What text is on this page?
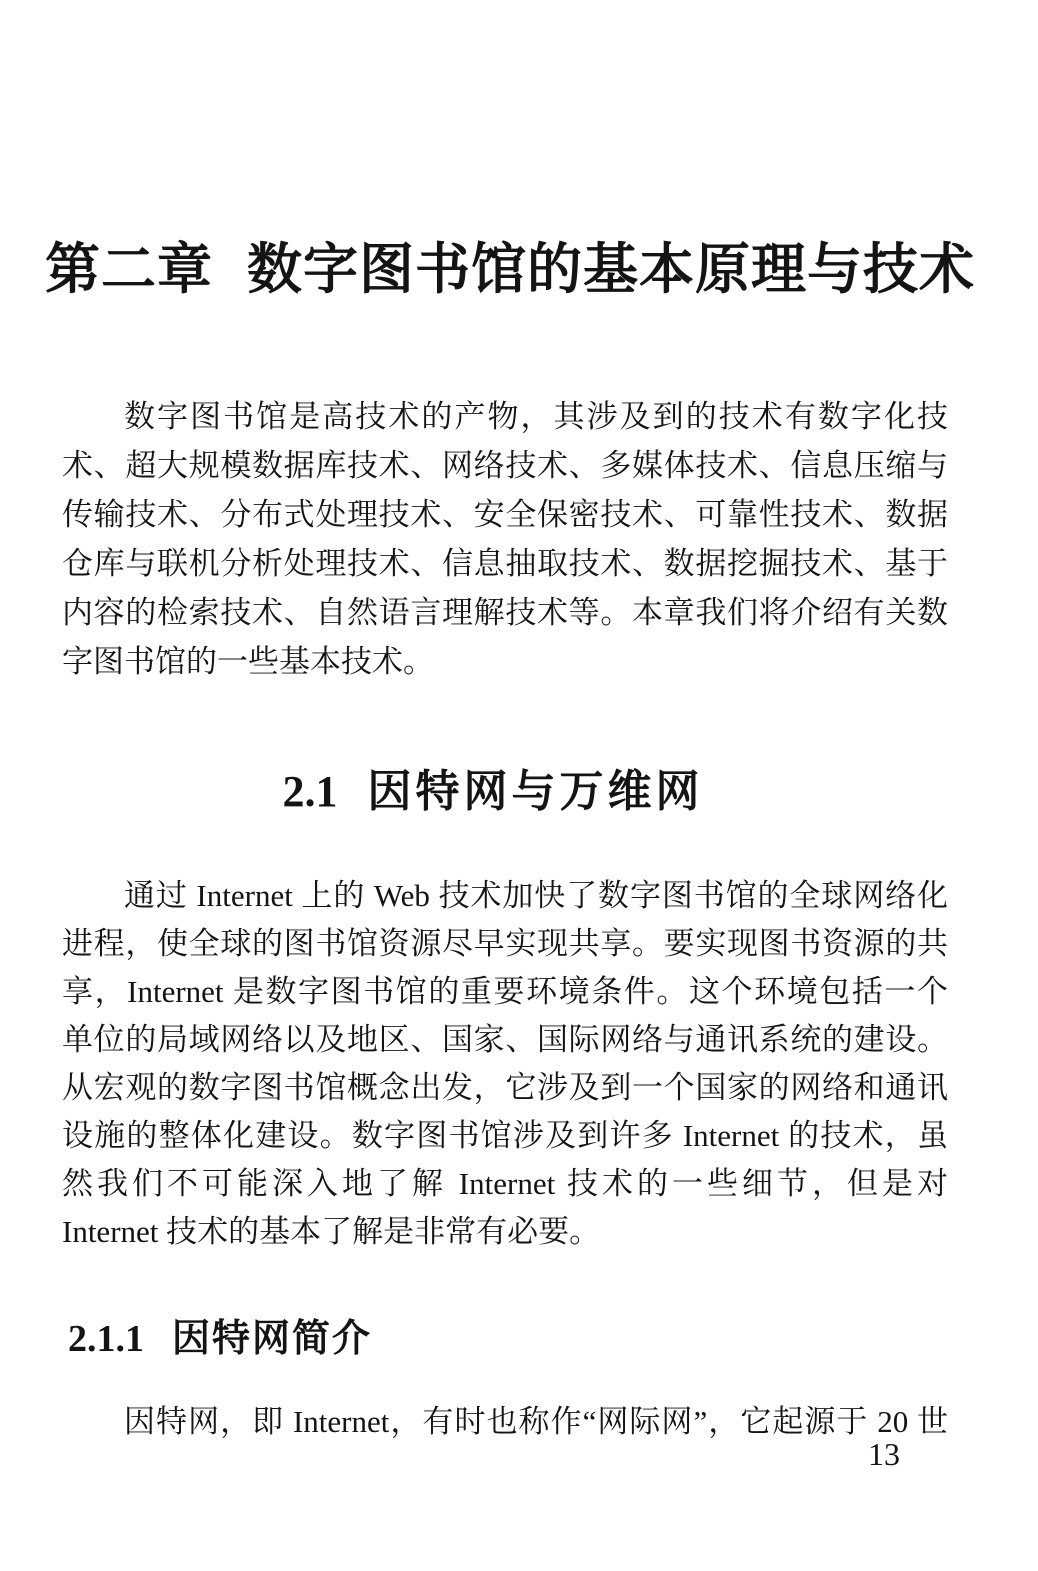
第二章 数字图书馆的基本原理与技术
数字图书馆是高技术的产物，其涉及到的技术有数字化技
术、超大规模数据库技术、网络技术、多媒体技术、信息压缩与
传输技术、分布式处理技术、安全保密技术、可靠性技术、数据
仓库与联机分析处理技术、信息抽取技术、数据挖掘技术、基于
内容的检索技术、自然语言理解技术等。本章我们将介绍有关数
字图书馆的一些基本技术。
2.1 因特网与万维网
通过 Internet 上的 Web 技术加快了数字图书馆的全球网络化
进程，使全球的图书馆资源尽早实现共享。要实现图书资源的共
享，Internet 是数字图书馆的重要环境条件。这个环境包括一个
单位的局域网络以及地区、国家、国际网络与通讯系统的建设。
从宏观的数字图书馆概念出发，它涉及到一个国家的网络和通讯
设施的整体化建设。数字图书馆涉及到许多 Internet 的技术，虽
然我们不可能深入地了解 Internet 技术的一些细节，但是对
Internet 技术的基本了解是非常有必要。
2.1.1 因特网简介
因特网，即 Internet，有时也称作“网际网”，它起源于 20 世
13
